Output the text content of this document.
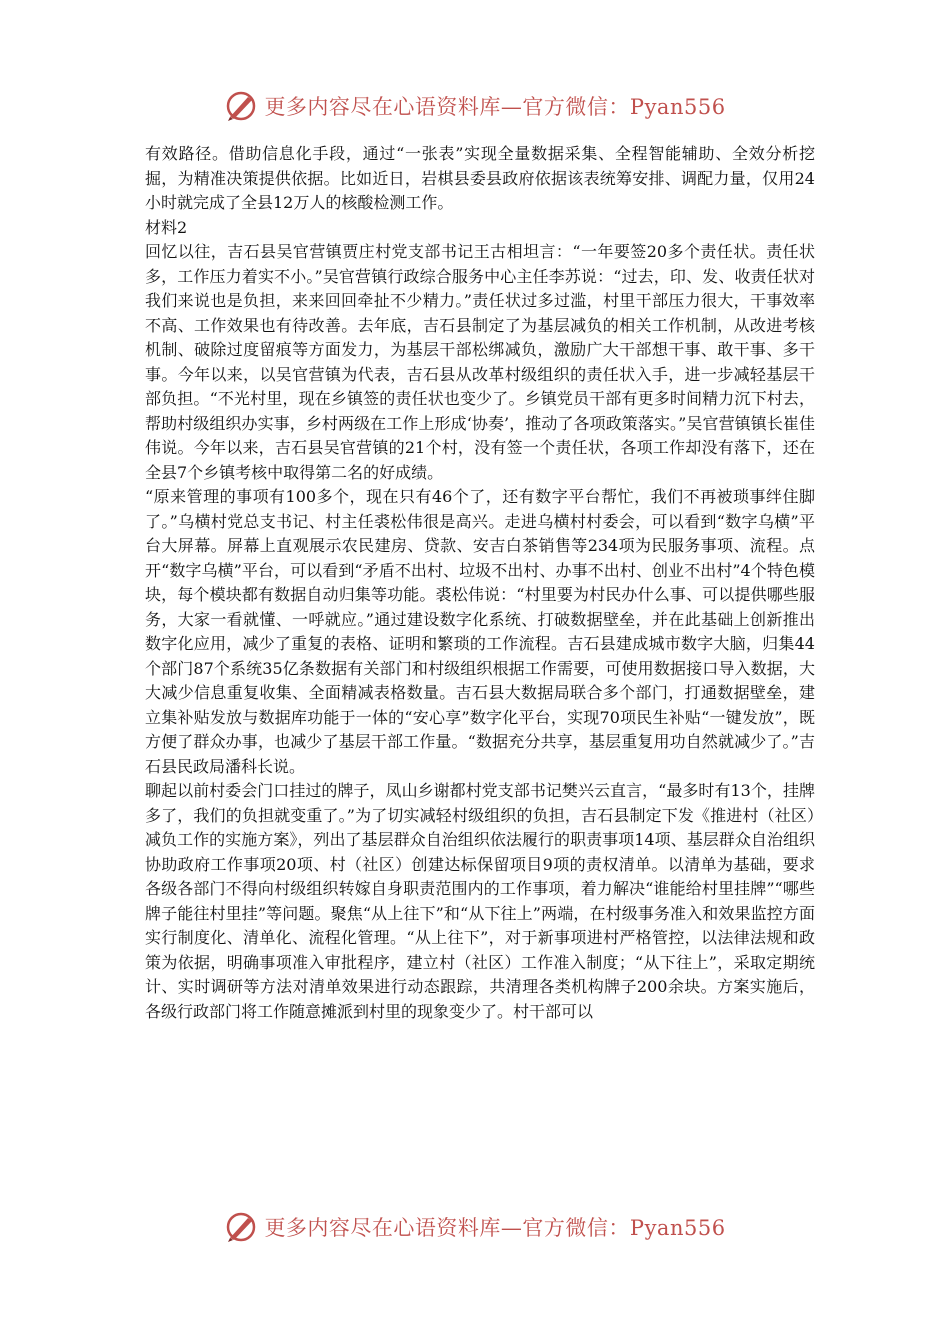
更多内容尽在心语资料库—官方微信：Pyan556

有效路径。借助信息化手段，通过“一张表”实现全量数据采集、全程智能辅助、全效分析挖掘，为精准决策提供依据。比如近日，岩棋县委县政府依据该表统筹安排、调配力量，仅用24小时就完成了全县12万人的核酸检测工作。

材料2

回忆以往，吉石县吴官营镇贾庄村党支部书记王古相坦言：“一年要签20多个责任状。责任状多，工作压力着实不小。”吴官营镇行政综合服务中心主任李苏说：“过去，印、发、收责任状对我们来说也是负担，来来回回牵扯不少精力。”责任状过多过滥，村里干部压力很大，干事效率不高、工作效果也有待改善。去年底，吉石县制定了为基层减负的相关工作机制，从改进考核机制、破除过度留痕等方面发力，为基层干部松绑减负，激励广大干部想干事、敢干事、多干事。今年以来，以吴官营镇为代表，吉石县从改革村级组织的责任状入手，进一步减轻基层干部负担。“不光村里，现在乡镇签的责任状也变少了。乡镇党员干部有更多时间精力沉下村去，帮助村级组织办实事，乡村两级在工作上形成‘协奏’，推动了各项政策落实。”吴官营镇镇长崔佳伟说。今年以来，吉石县吴官营镇的21个村，没有签一个责任状，各项工作却没有落下，还在全县7个乡镇考核中取得第二名的好成绩。

“原来管理的事项有100多个，现在只有46个了，还有数字平台帮忙，我们不再被琐事绊住脚了。”乌横村党总支书记、村主任裘松伟很是高兴。走进乌横村村委会，可以看到“数字乌横”平台大屏幕。屏幕上直观展示农民建房、贷款、安吉白茶销售等234项为民服务事项、流程。点开“数字乌横”平台，可以看到“矛盾不出村、垃圾不出村、办事不出村、创业不出村”4个特色模块，每个模块都有数据自动归集等功能。裘松伟说：“村里要为村民办什么事、可以提供哪些服务，大家一看就懂、一呼就应。”通过建设数字化系统、打破数据壁垒，并在此基础上创新推出数字化应用，减少了重复的表格、证明和繁琐的工作流程。吉石县建成城市数字大脑，归集44个部门87个系统35亿条数据有关部门和村级组织根据工作需要，可使用数据接口导入数据，大大减少信息重复收集、全面精减表格数量。吉石县大数据局联合多个部门，打通数据壁垒，建立集补贴发放与数据库功能于一体的“安心享”数字化平台，实现70项民生补贴“一键发放”，既方便了群众办事，也减少了基层干部工作量。“数据充分共享，基层重复用功自然就减少了。”吉石县民政局潘科长说。

聊起以前村委会门口挂过的牌子，凤山乡谢都村党支部书记樊兴云直言，“最多时有13个，挂牌多了，我们的负担就变重了。”为了切实减轻村级组织的负担，吉石县制定下发《推进村（社区）减负工作的实施方案》，列出了基层群众自治组织依法履行的职责事项14项、基层群众自治组织协助政府工作事项20项、村（社区）创建达标保留项目9项的责权清单。以清单为基础，要求各级各部门不得向村级组织转嫁自身职责范围内的工作事项，着力解决“谁能给村里挂牌”“哪些牌子能往村里挂”等问题。聚焦“从上往下”和“从下往上”两端，在村级事务准入和效果监控方面实行制度化、清单化、流程化管理。“从上往下”，对于新事项进村严格管控，以法律法规和政策为依据，明确事项准入审批程序，建立村（社区）工作准入制度；“从下往上”，采取定期统计、实时调研等方法对清单效果进行动态跟踪，共清理各类机构牌子200余块。方案实施后，各级行政部门将工作随意摊派到村里的现象变少了。村干部可以

更多内容尽在心语资料库—官方微信：Pyan556
